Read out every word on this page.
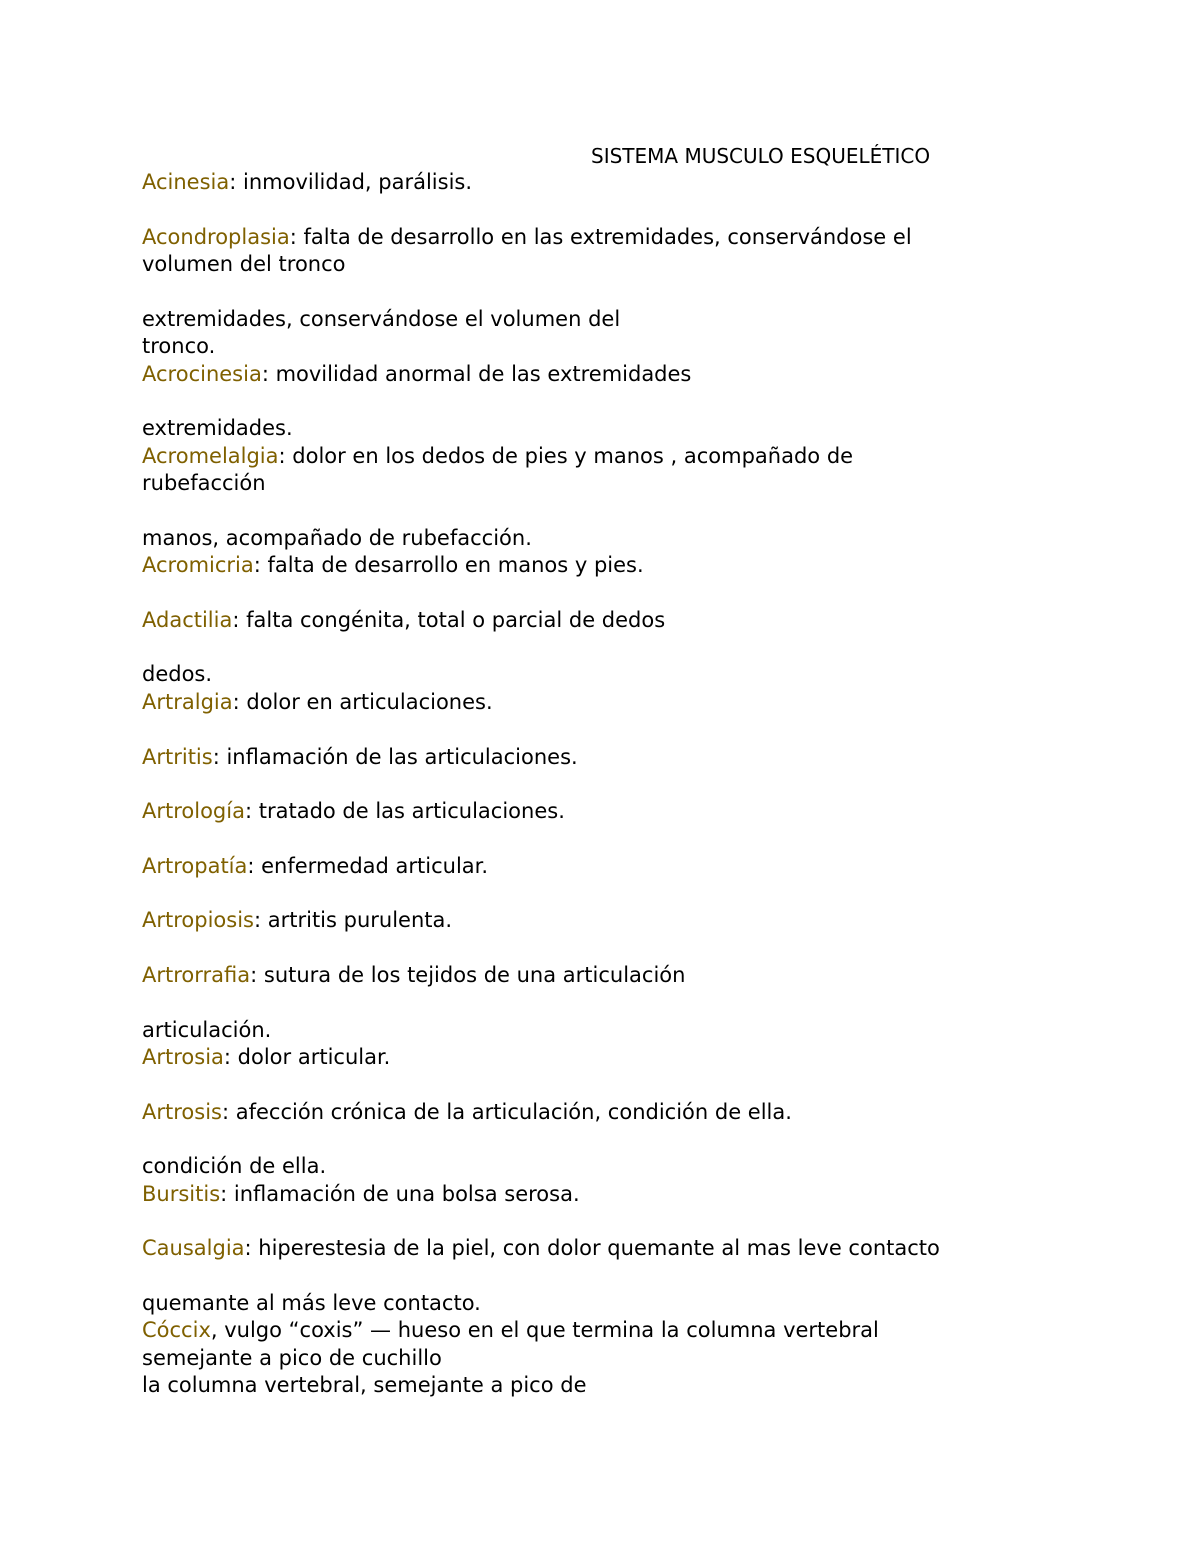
SISTEMA MUSCULO ESQUELÉTICO
Acinesia: inmovilidad, parálisis.
Acondroplasia: falta de desarrollo en las extremidades, conservándose el
volumen del tronco
extremidades, conservándose el volumen del
tronco.
Acrocinesia: movilidad anormal de las extremidades
extremidades.
Acromelalgia: dolor en los dedos de pies y manos , acompañado de
rubefacción
manos, acompañado de rubefacción.
Acromicria: falta de desarrollo en manos y pies.
Adactilia: falta congénita, total o parcial de dedos
dedos.
Artralgia: dolor en articulaciones.
Artritis: inflamación de las articulaciones.
Artrología: tratado de las articulaciones.
Artropatía: enfermedad articular.
Artropiosis: artritis purulenta.
Artrorrafia: sutura de los tejidos de una articulación
articulación.
Artrosia: dolor articular.
Artrosis: afección crónica de la articulación, condición de ella.
condición de ella.
Bursitis: inflamación de una bolsa serosa.
Causalgia: hiperestesia de la piel, con dolor quemante al mas leve contacto
quemante al más leve contacto.
Cóccix, vulgo “coxis” — hueso en el que termina la columna vertebral
semejante a pico de cuchillo
la columna vertebral, semejante a pico de
